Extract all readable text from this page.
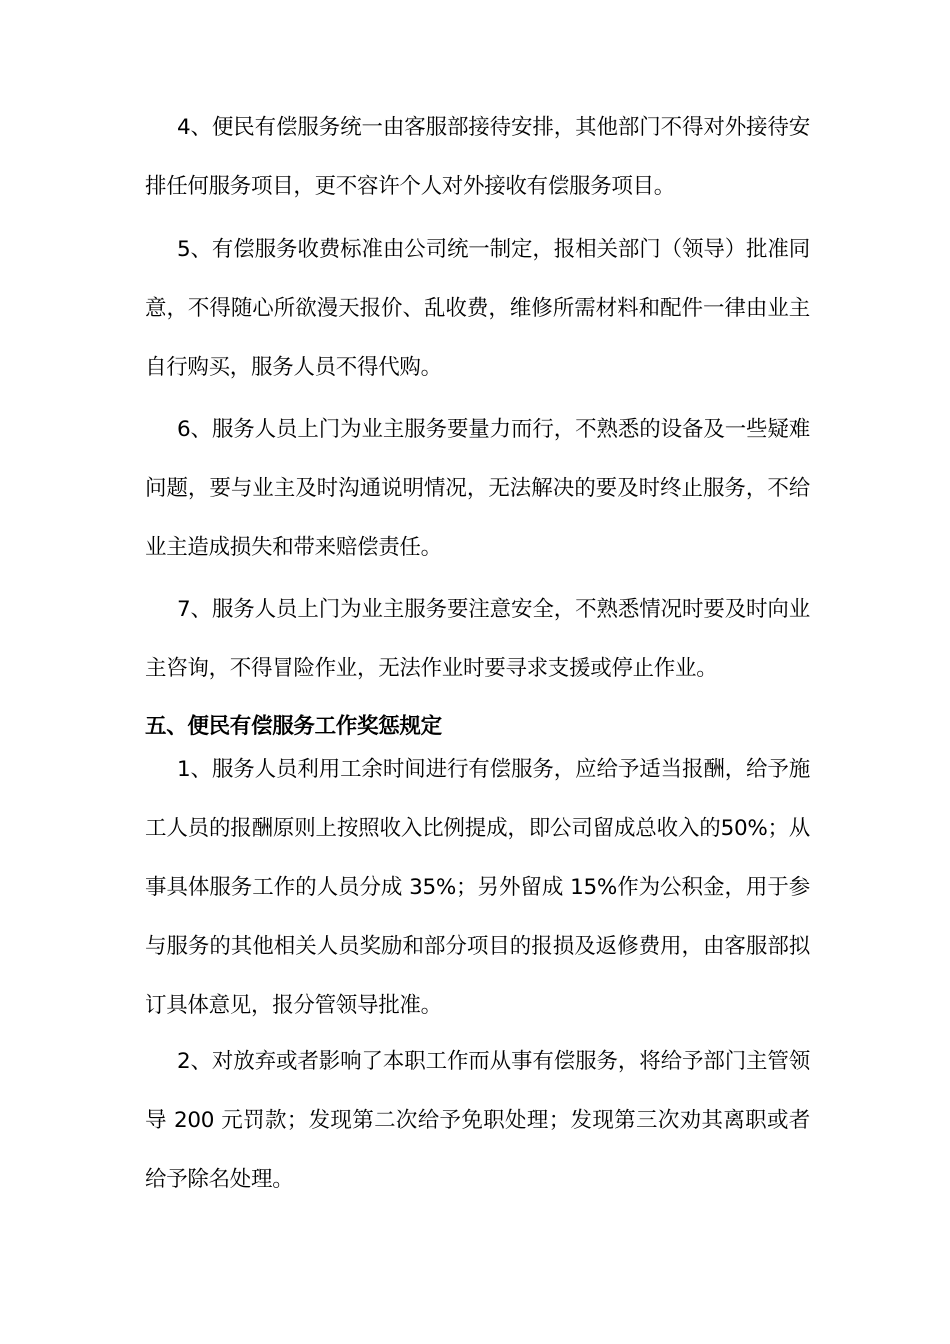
4、便民有偿服务统一由客服部接待安排，其他部门不得对外接待安排任何服务项目，更不容许个人对外接收有偿服务项目。

5、有偿服务收费标准由公司统一制定，报相关部门（领导）批准同意，不得随心所欲漫天报价、乱收费，维修所需材料和配件一律由业主自行购买，服务人员不得代购。

6、服务人员上门为业主服务要量力而行，不熟悉的设备及一些疑难问题，要与业主及时沟通说明情况，无法解决的要及时终止服务，不给业主造成损失和带来赔偿责任。

7、服务人员上门为业主服务要注意安全，不熟悉情况时要及时向业主咨询，不得冒险作业，无法作业时要寻求支援或停止作业。

五、便民有偿服务工作奖惩规定

1、服务人员利用工余时间进行有偿服务，应给予适当报酬，给予施工人员的报酬原则上按照收入比例提成，即公司留成总收入的50%；从事具体服务工作的人员分成 35%；另外留成 15%作为公积金，用于参与服务的其他相关人员奖励和部分项目的报损及返修费用，由客服部拟订具体意见，报分管领导批准。

2、对放弃或者影响了本职工作而从事有偿服务，将给予部门主管领导 200 元罚款；发现第二次给予免职处理；发现第三次劝其离职或者给予除名处理。
